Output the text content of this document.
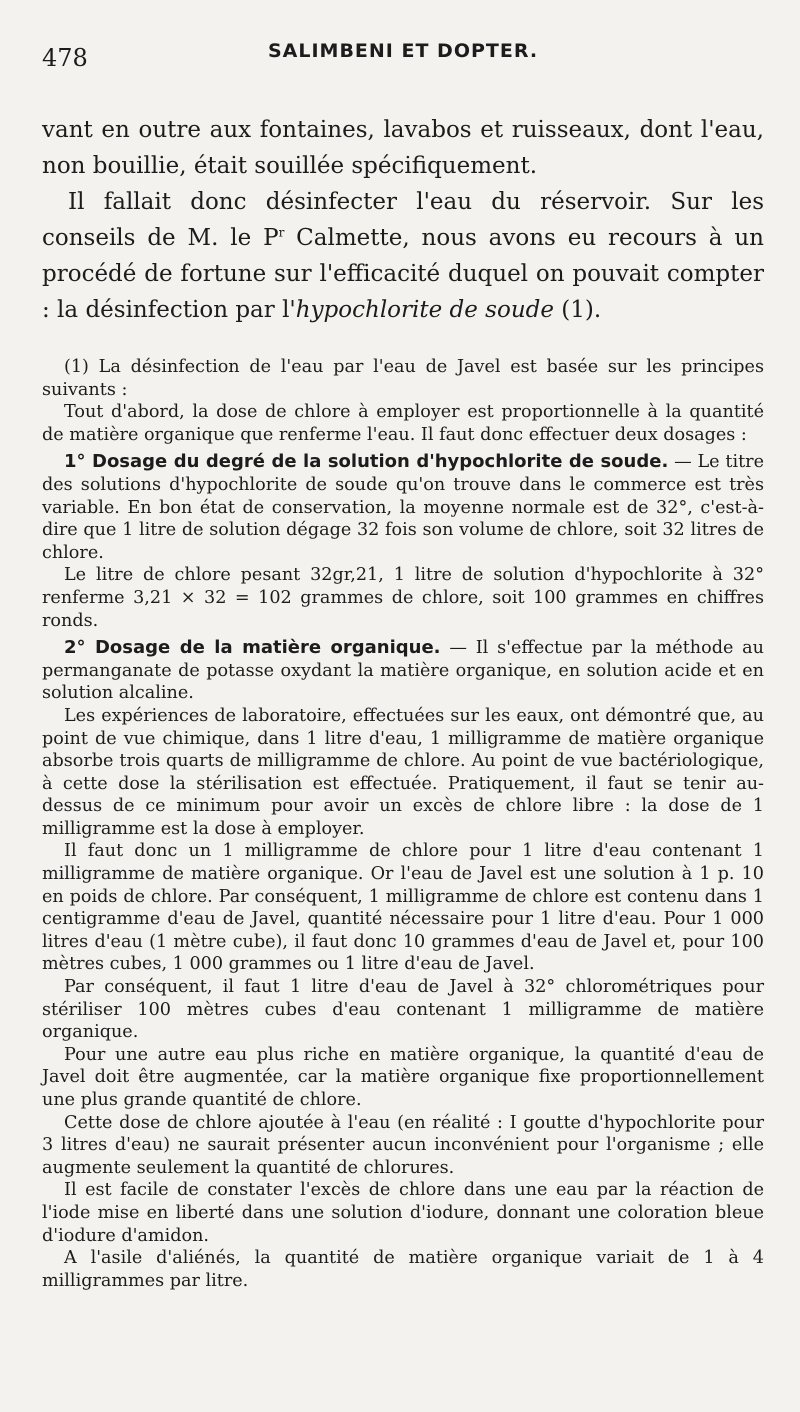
478	SALIMBENI ET DOPTER.

vant en outre aux fontaines, lavabos et ruisseaux, dont l'eau, non bouillie, était souillée spécifiquement.

Il fallait donc désinfecter l'eau du réservoir. Sur les conseils de M. le $P^r$ Calmette, nous avons eu recours à un procédé de fortune sur l'efficacité duquel on pouvait compter : la désinfection par l'hypochlorite de soude (1).

(1) La désinfection de l'eau par l'eau de Javel est basée sur les principes suivants :

Tout d'abord, la dose de chlore à employer est proportionnelle à la quantité de matière organique que renferme l'eau. Il faut donc effectuer deux dosages :

1° Dosage du degré de la solution d'hypochlorite de soude. — Le titre des solutions d'hypochlorite de soude qu'on trouve dans le commerce est très variable. En bon état de conservation, la moyenne normale est de 32°, c'est-à-dire que 1 litre de solution dégage 32 fois son volume de chlore, soit 32 litres de chlore.

Le litre de chlore pesant 32gr,21, 1 litre de solution d'hypochlorite à 32° renferme 3,21 × 32 = 102 grammes de chlore, soit 100 grammes en chiffres ronds.

2° Dosage de la matière organique. — Il s'effectue par la méthode au permanganate de potasse oxydant la matière organique, en solution acide et en solution alcaline.

Les expériences de laboratoire, effectuées sur les eaux, ont démontré que, au point de vue chimique, dans 1 litre d'eau, 1 milligramme de matière organique absorbe trois quarts de milligramme de chlore. Au point de vue bactériologique, à cette dose la stérilisation est effectuée. Pratiquement, il faut se tenir au-dessus de ce minimum pour avoir un excès de chlore libre : la dose de 1 milligramme est la dose à employer.

Il faut donc un 1 milligramme de chlore pour 1 litre d'eau contenant 1 milligramme de matière organique. Or l'eau de Javel est une solution à 1 p. 10 en poids de chlore. Par conséquent, 1 milligramme de chlore est contenu dans 1 centigramme d'eau de Javel, quantité nécessaire pour 1 litre d'eau. Pour 1 000 litres d'eau (1 mètre cube), il faut donc 10 grammes d'eau de Javel et, pour 100 mètres cubes, 1 000 grammes ou 1 litre d'eau de Javel.

Par conséquent, il faut 1 litre d'eau de Javel à 32° chlorométriques pour stériliser 100 mètres cubes d'eau contenant 1 milligramme de matière organique.

Pour une autre eau plus riche en matière organique, la quantité d'eau de Javel doit être augmentée, car la matière organique fixe proportionnellement une plus grande quantité de chlore.

Cette dose de chlore ajoutée à l'eau (en réalité : I goutte d'hypochlorite pour 3 litres d'eau) ne saurait présenter aucun inconvénient pour l'organisme ; elle augmente seulement la quantité de chlorures.

Il est facile de constater l'excès de chlore dans une eau par la réaction de l'iode mise en liberté dans une solution d'iodure, donnant une coloration bleue d'iodure d'amidon.

A l'asile d'aliénés, la quantité de matière organique variait de 1 à 4 milligrammes par litre.
